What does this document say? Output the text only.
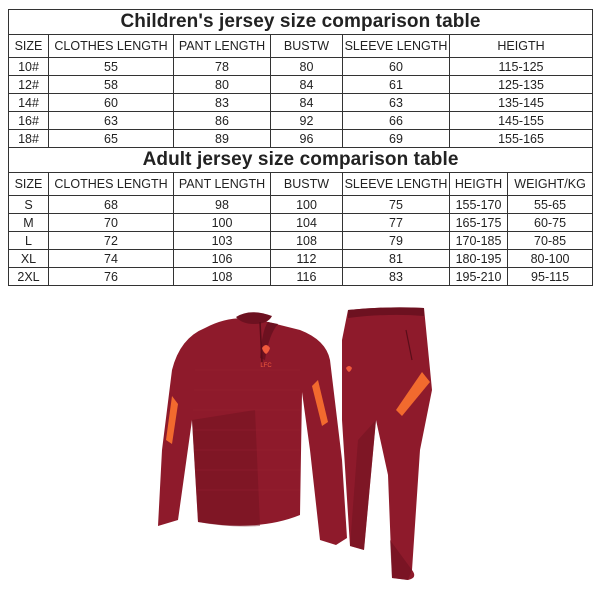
Children's jersey size comparison table					
SIZE	CLOTHES LENGTH	PANT LENGTH	BUSTW	SLEEVE LENGTH	HEIGTH
10#	55	78	80	60	115-125
12#	58	80	84	61	125-135
14#	60	83	84	63	135-145
16#	63	86	92	66	145-155
18#	65	89	96	69	155-165
Adult jersey size comparison table						
SIZE	CLOTHES LENGTH	PANT LENGTH	BUSTW	SLEEVE LENGTH	HEIGTH	WEIGHT/KG
S	68	98	100	75	155-170	55-65
M	70	100	104	77	165-175	60-75
L	72	103	108	79	170-185	70-85
XL	74	106	112	81	180-195	80-100
2XL	76	108	116	83	195-210	95-115
LFC
